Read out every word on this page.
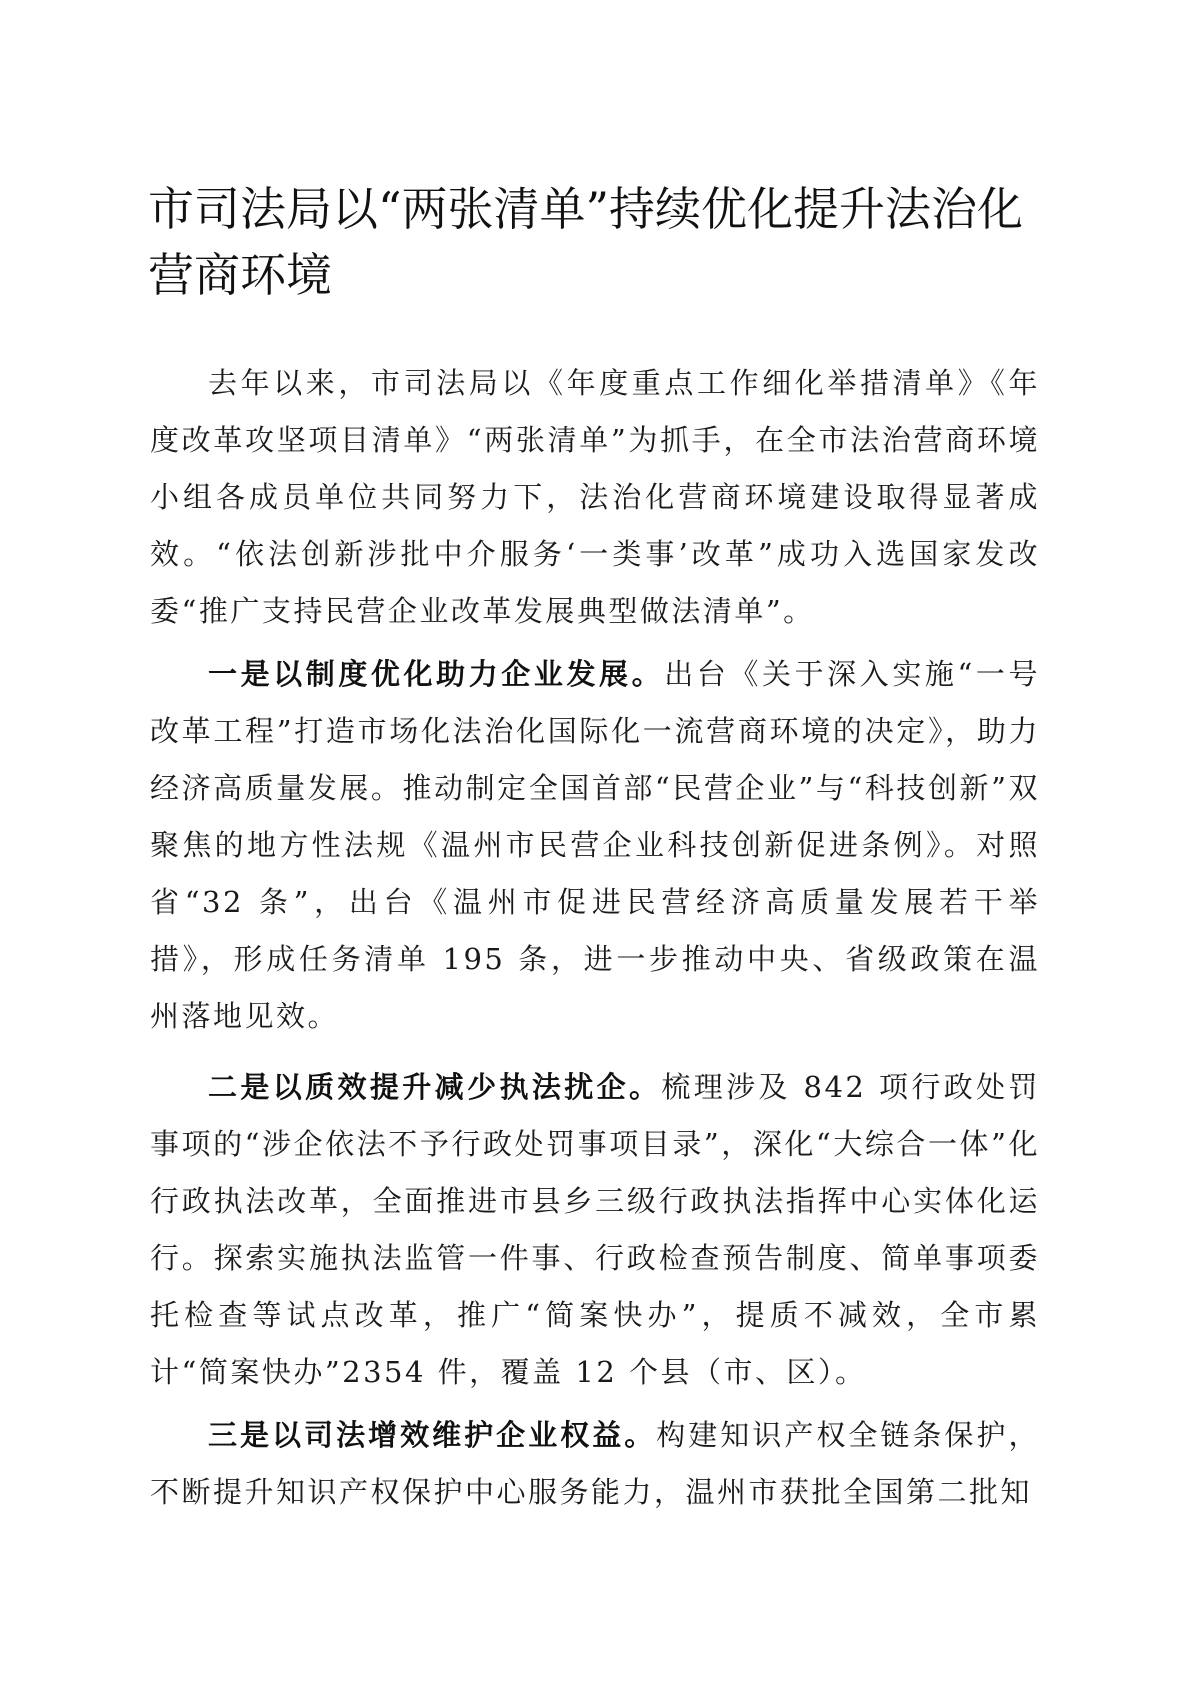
市司法局以“两张清单”持续优化提升法治化营商环境

去年以来，市司法局以《年度重点工作细化举措清单》《年度改革攻坚项目清单》“两张清单”为抓手，在全市法治营商环境小组各成员单位共同努力下，法治化营商环境建设取得显著成效。“依法创新涉批中介服务‘一类事’改革”成功入选国家发改委“推广支持民营企业改革发展典型做法清单”。

一是以制度优化助力企业发展。出台《关于深入实施“一号改革工程”打造市场化法治化国际化一流营商环境的决定》，助力经济高质量发展。推动制定全国首部“民营企业”与“科技创新”双聚焦的地方性法规《温州市民营企业科技创新促进条例》。对照省“32 条”，出台《温州市促进民营经济高质量发展若干举措》，形成任务清单 195 条，进一步推动中央、省级政策在温州落地见效。

二是以质效提升减少执法扰企。梳理涉及 842 项行政处罚事项的“涉企依法不予行政处罚事项目录”，深化“大综合一体”化行政执法改革，全面推进市县乡三级行政执法指挥中心实体化运行。探索实施执法监管一件事、行政检查预告制度、简单事项委托检查等试点改革，推广“简案快办”，提质不减效，全市累计“简案快办”2354 件，覆盖 12 个县（市、区）。

三是以司法增效维护企业权益。构建知识产权全链条保护，不断提升知识产权保护中心服务能力，温州市获批全国第二批知
